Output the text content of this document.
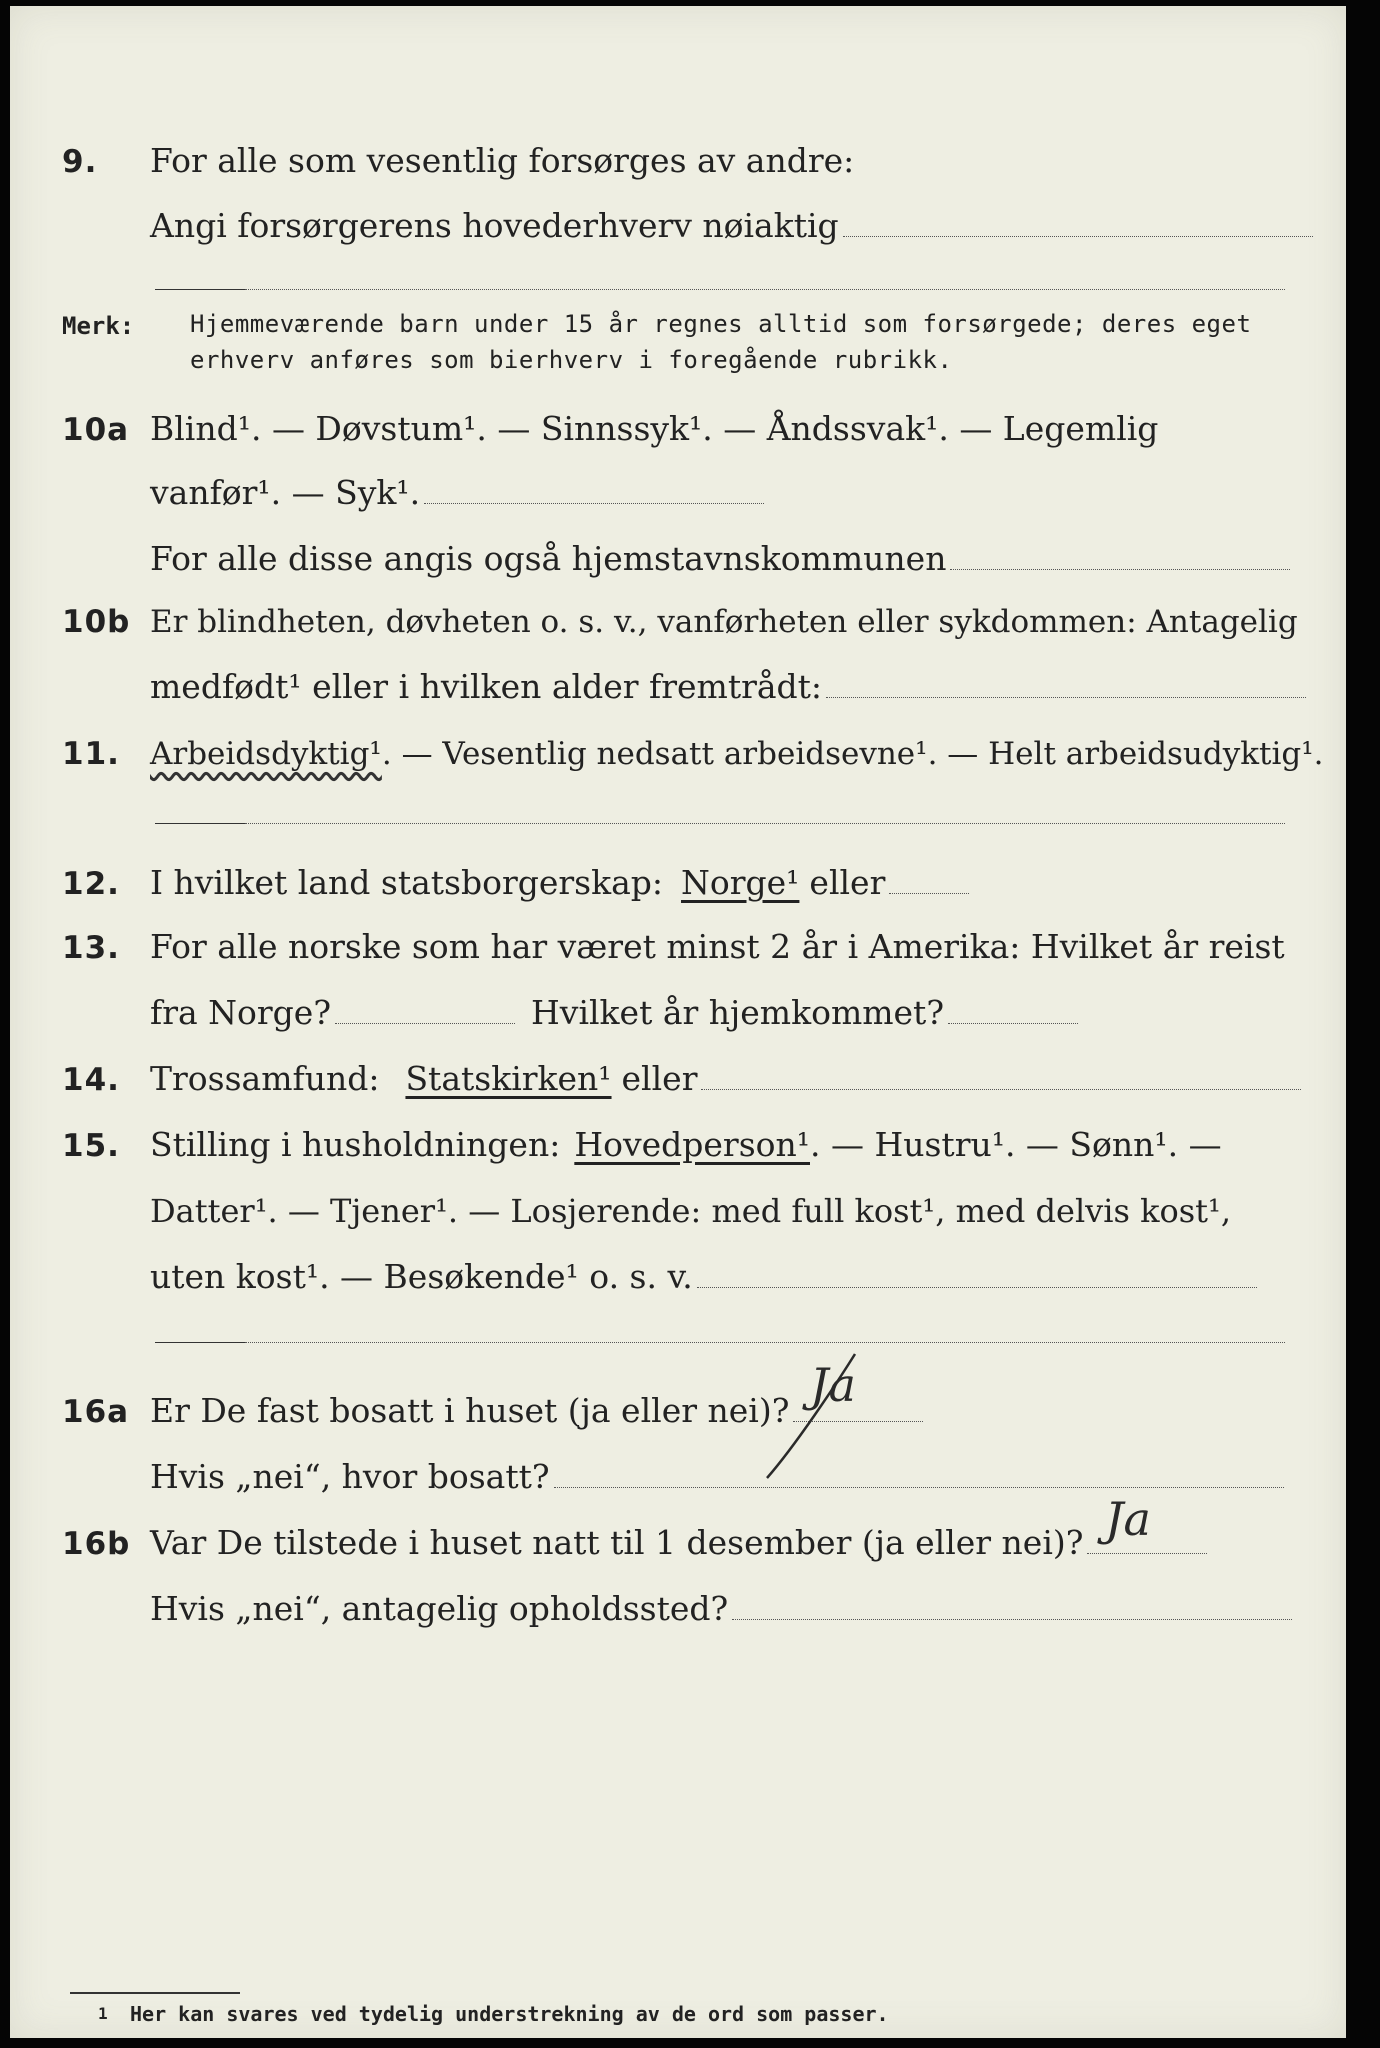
9. For alle som vesentlig forsørges av andre:
Angi forsørgerens hovederhverv nøiaktig
Merk: Hjemmeværende barn under 15 år regnes alltid som forsørgede; deres eget erhverv anføres som bierhverv i foregående rubrikk.
10a Blind¹. — Døvstum¹. — Sinnssyk¹. — Åndssvak¹. — Legemlig
vanfør¹. — Syk¹.
For alle disse angis også hjemstavnskommunen
10b Er blindheten, døvheten o. s. v., vanførheten eller sykdommen: Antagelig
medfødt¹ eller i hvilken alder fremtrådt:
11. Arbeidsdyktig¹ . — Vesentlig nedsatt arbeidsevne¹. — Helt arbeidsudyktig¹.
12. I hvilket land statsborgerskap: Norge¹ eller
13. For alle norske som har været minst 2 år i Amerika: Hvilket år reist
fra Norge?	Hvilket år hjemkommet?
14. Trossamfund: Statskirken¹ eller
15. Stilling i husholdningen: Hovedperson¹ . — Hustru¹. — Sønn¹. —
Datter¹. — Tjener¹. — Losjerende: med full kost¹, med delvis kost¹,
uten kost¹. — Besøkende¹ o. s. v.
16a Er De fast bosatt i huset (ja eller nei)? Ja
Hvis „nei“, hvor bosatt?
16b Var De tilstede i huset natt til 1 desember (ja eller nei)? Ja
Hvis „nei“, antagelig opholdssted?
1 Her kan svares ved tydelig understrekning av de ord som passer.
